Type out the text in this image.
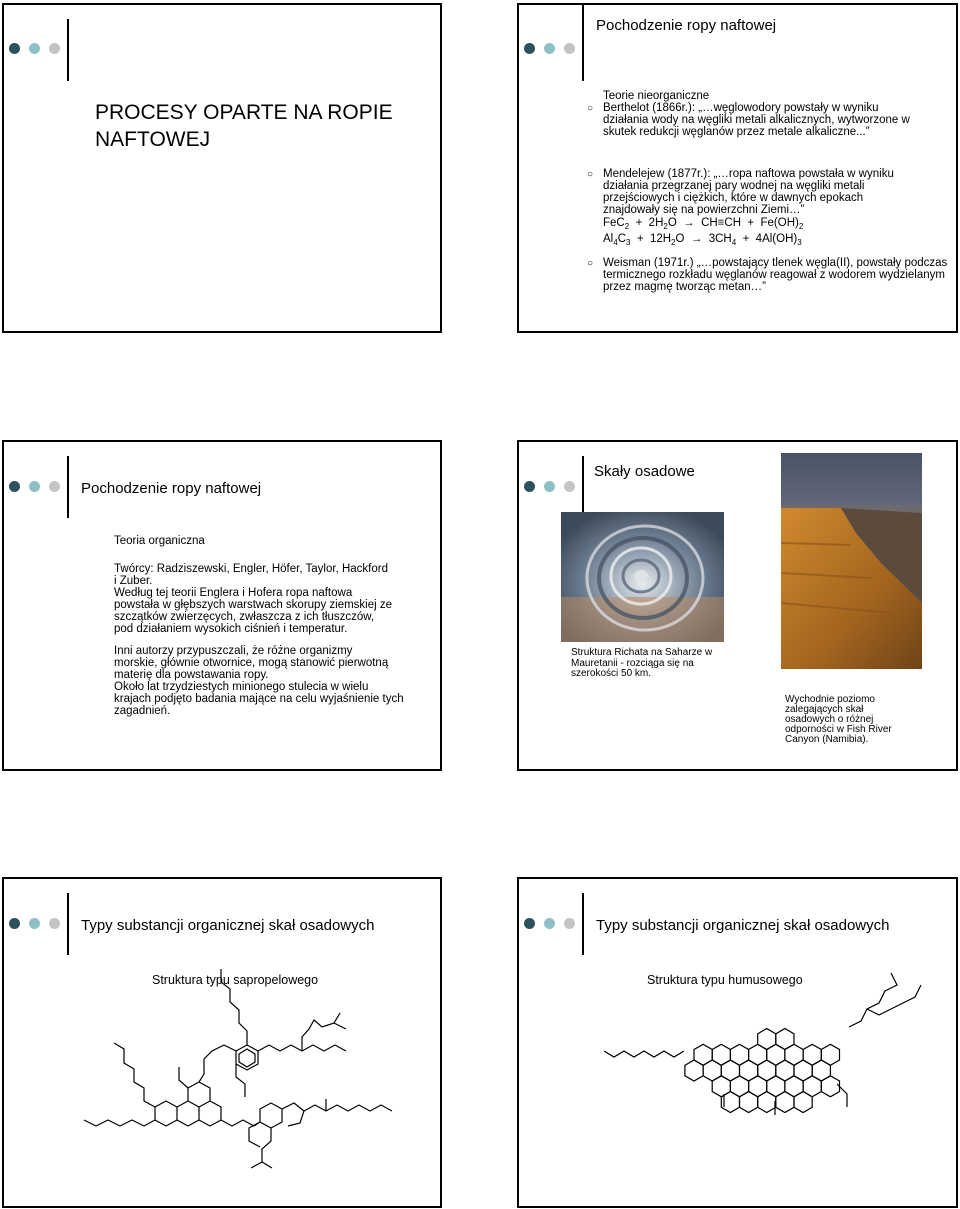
PROCESY OPARTE NA ROPIE NAFTOWEJ
Pochodzenie ropy naftowej
Teorie nieorganiczne
○ Berthelot (1866r.): „…węglowodory powstały w wyniku działania wody na węgliki metali alkalicznych, wytworzone w skutek redukcji węglanów przez metale alkaliczne...”
○ Mendelejew (1877r.): „…ropa naftowa powstała w wyniku działania przegrzanej pary wodnej na węgliki metali przejściowych i ciężkich, które w dawnych epokach znajdowały się na powierzchni Ziemi…”
$FeC_2 + 2H_2O \to CH\equiv CH + Fe(OH)_2$
$Al_4C_3 + 12H_2O \to 3CH_4 + 4Al(OH)_3$
○ Weisman (1971r.) „…powstający tlenek węgla(II), powstały podczas termicznego rozkładu węglanów reagował z wodorem wydzielanym przez magmę tworząc metan…”
Pochodzenie ropy naftowej
Teoria organiczna
Twórcy: Radziszewski, Engler, Höfer, Taylor, Hackford i Zuber.
Według tej teorii Englera i Hofera ropa naftowa powstała w głębszych warstwach skorupy ziemskiej ze szczątków zwierzęcych, zwłaszcza z ich tłuszczów, pod działaniem wysokich ciśnień i temperatur.
Inni autorzy przypuszczali, że różne organizmy morskie, głównie otwornice, mogą stanowić pierwotną materię dla powstawania ropy.
Około lat trzydziestych minionego stulecia w wielu krajach podjęto badania mające na celu wyjaśnienie tych zagadnień.
Skały osadowe
Struktura Richata na Saharze w Mauretanii - rozciąga się na szerokości 50 km.
Wychodnie poziomo zalegających skał osadowych o różnej odporności w Fish River Canyon (Namibia).
Typy substancji organicznej skał osadowych
Struktura typu sapropelowego
Typy substancji organicznej skał osadowych
Struktura typu humusowego
